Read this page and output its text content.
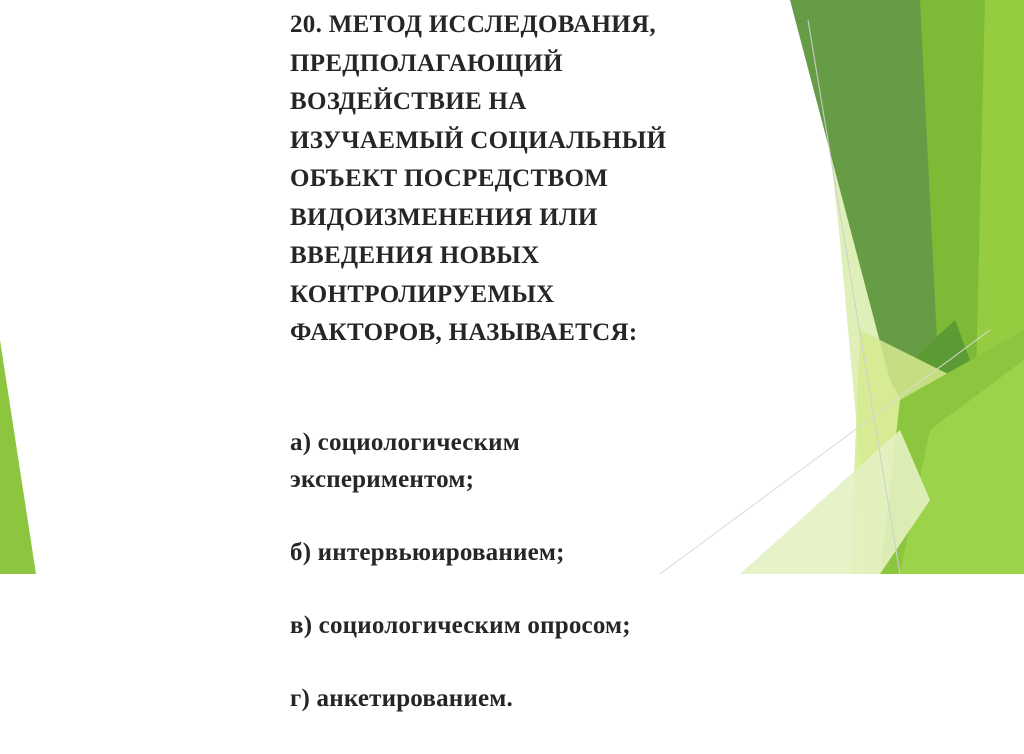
20. МЕТОД ИССЛЕДОВАНИЯ,
ПРЕДПОЛАГАЮЩИЙ
ВОЗДЕЙСТВИЕ НА
ИЗУЧАЕМЫЙ СОЦИАЛЬНЫЙ
ОБЪЕКТ ПОСРЕДСТВОМ
ВИДОИЗМЕНЕНИЯ ИЛИ
ВВЕДЕНИЯ НОВЫХ
КОНТРОЛИРУЕМЫХ
ФАКТОРОВ, НАЗЫВАЕТСЯ:

а) социологическим
экспериментом;

б) интервьюированием;

в) социологическим опросом;

г) анкетированием.
